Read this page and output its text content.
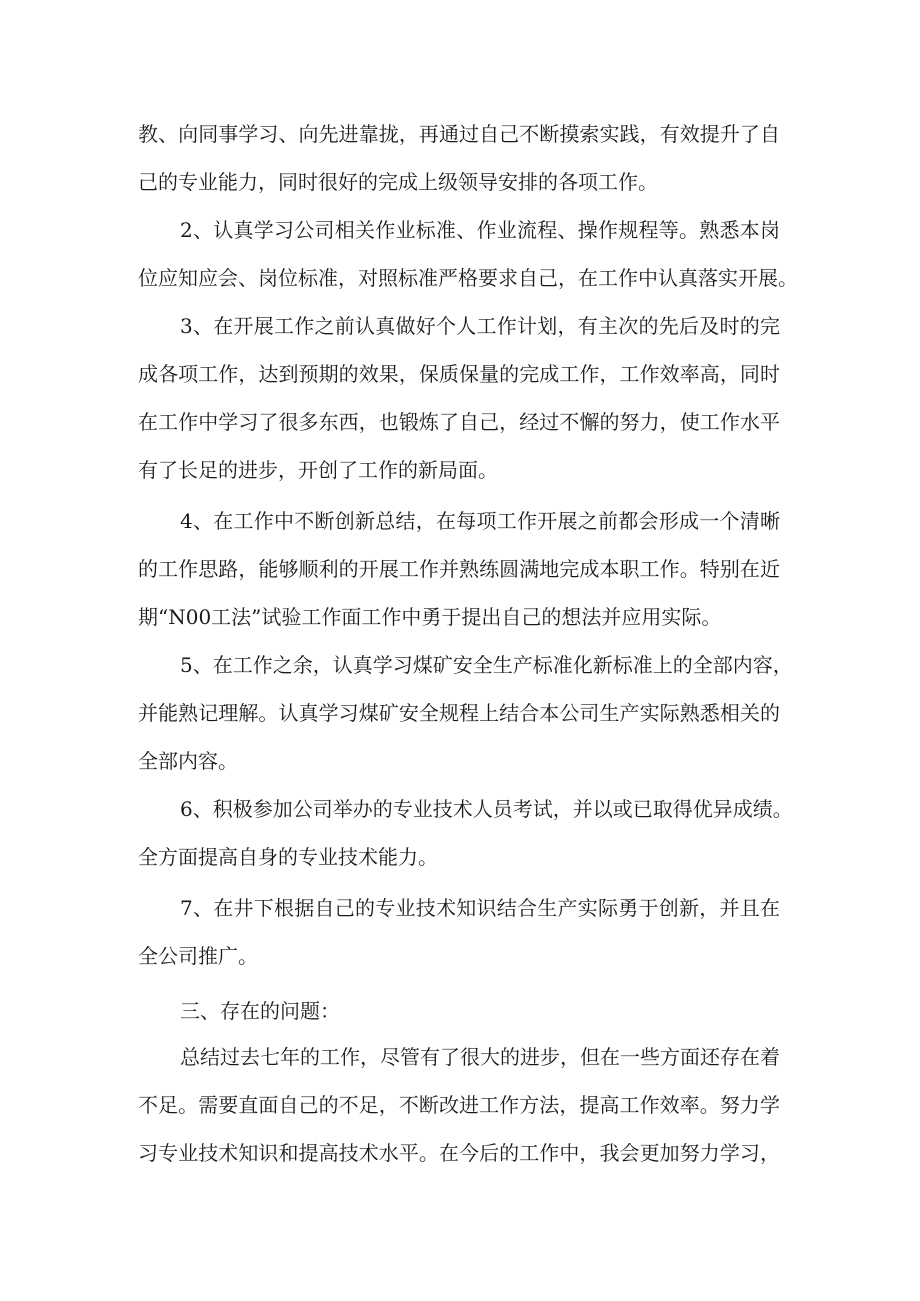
教、向同事学习、向先进靠拢，再通过自己不断摸索实践，有效提升了自
己的专业能力，同时很好的完成上级领导安排的各项工作。
2、认真学习公司相关作业标准、作业流程、操作规程等。熟悉本岗
位应知应会、岗位标准，对照标准严格要求自己，在工作中认真落实开展。
3、在开展工作之前认真做好个人工作计划，有主次的先后及时的完
成各项工作，达到预期的效果，保质保量的完成工作，工作效率高，同时
在工作中学习了很多东西，也锻炼了自己，经过不懈的努力，使工作水平
有了长足的进步，开创了工作的新局面。
4、在工作中不断创新总结，在每项工作开展之前都会形成一个清晰
的工作思路，能够顺利的开展工作并熟练圆满地完成本职工作。特别在近
期“N00工法”试验工作面工作中勇于提出自己的想法并应用实际。
5、在工作之余，认真学习煤矿安全生产标准化新标准上的全部内容，
并能熟记理解。认真学习煤矿安全规程上结合本公司生产实际熟悉相关的
全部内容。
6、积极参加公司举办的专业技术人员考试，并以或已取得优异成绩。
全方面提高自身的专业技术能力。
7、在井下根据自己的专业技术知识结合生产实际勇于创新，并且在
全公司推广。
三、存在的问题：
总结过去七年的工作，尽管有了很大的进步，但在一些方面还存在着
不足。需要直面自己的不足，不断改进工作方法，提高工作效率。努力学
习专业技术知识和提高技术水平。在今后的工作中，我会更加努力学习，
